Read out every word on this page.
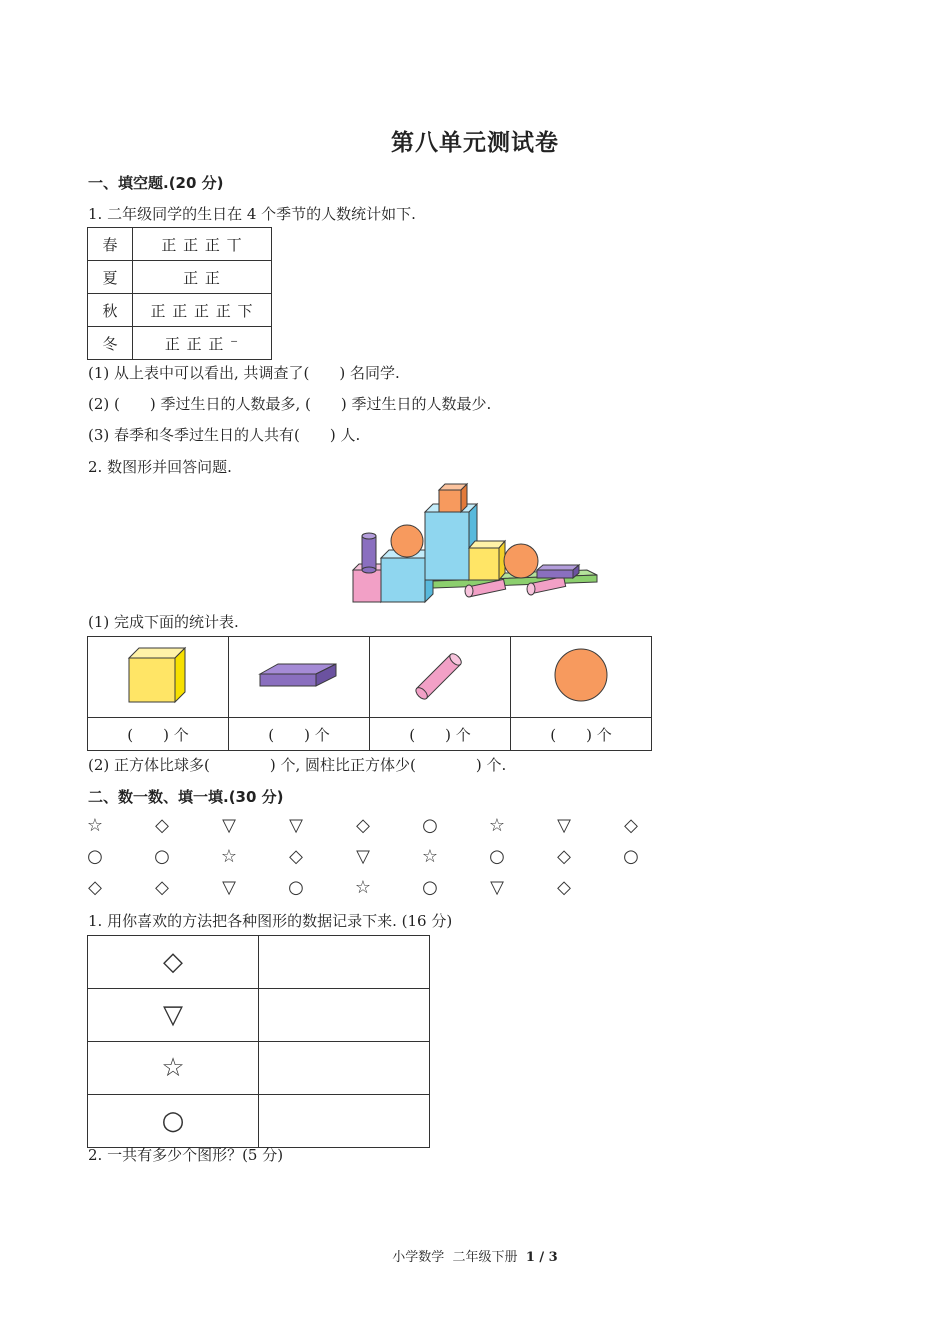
第八单元测试卷
一、填空题.(20 分)
1. 二年级同学的生日在 4 个季节的人数统计如下.
春	正 正 正 丅
夏	正 正
秋	正 正 正 正 下
冬	正 正 正 ⁻
(1) 从上表中可以看出, 共调查了(　　) 名同学.
(2) (　　) 季过生日的人数最多, (　　) 季过生日的人数最少.
(3) 春季和冬季过生日的人共有(　　) 人.
2. 数图形并回答问题.
(1) 完成下面的统计表.

(　　) 个	(　　) 个	(　　) 个	(　　) 个
(2) 正方体比球多(　　　　) 个, 圆柱比正方体少(　　　　) 个.
二、数一数、填一填.(30 分)
☆	◇	▽	▽	◇	○	☆	▽	◇
○	○	☆	◇	▽	☆	○	◇	○
◇	◇	▽	○	☆	○	▽	◇
1. 用你喜欢的方法把各种图形的数据记录下来. (16 分)
◇	
▽	
☆	
○	
2. 一共有多少个图形？(5 分)
小学数学  二年级下册 1 / 3
